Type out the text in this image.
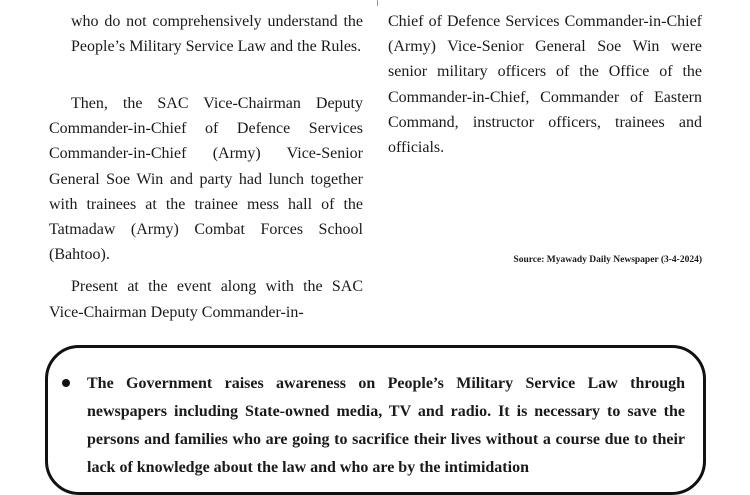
who do not comprehensively understand the People’s Military Service Law and the Rules.

Then, the SAC Vice-Chairman Deputy Commander-in-Chief of Defence Services Commander-in-Chief (Army) Vice-Senior General Soe Win and party had lunch together with trainees at the trainee mess hall of the Tatmadaw (Army) Combat Forces School (Bahtoo).

Present at the event along with the SAC Vice-Chairman Deputy Commander-in-

Chief of Defence Services Commander-in-Chief (Army) Vice-Senior General Soe Win were senior military officers of the Office of the Commander-in-Chief, Commander of Eastern Command, instructor officers, trainees and officials.

Source: Myawady Daily Newspaper (3-4-2024)

The Government raises awareness on People’s Military Service Law through newspapers including State-owned media, TV and radio. It is necessary to save the persons and families who are going to sacrifice their lives without a course due to their lack of knowledge about the law and who are by the intimidation
